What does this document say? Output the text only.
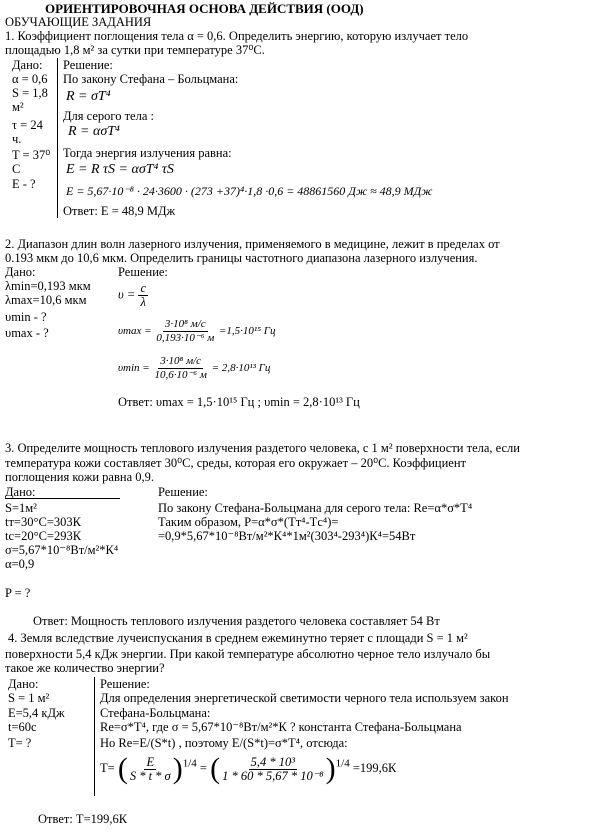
ОРИЕНТИРОВОЧНАЯ ОСНОВА ДЕЙСТВИЯ (ООД)
ОБУЧАЮЩИЕ ЗАДАНИЯ
1. Коэффициент поглощения тела α = 0,6. Определить энергию, которую излучает тело
площадью 1,8 м² за сутки при температуре 37⁰С.
Дано:
α = 0,6
S = 1,8
м²
τ = 24
ч.
T = 37⁰
С
E - ?
Решение:
По закону Стефана – Больцмана:
R = σT⁴
Для серого тела :
R = ασT⁴
Тогда энергия излучения равна:
E = R τS = ασT⁴ τS
E = 5,67·10⁻⁸ · 24·3600 · (273 +37)⁴·1,8 ·0,6 = 48861560 Дж ≈ 48,9 МДж
Ответ: E = 48,9 МДж
2. Диапазон длин волн лазерного излучения, применяемого в медицине, лежит в пределах от
0.193 мкм до 10,6 мкм. Определить границы частотного диапазона лазерного излучения.
Дано:
λmin=0,193 мкм
λmax=10,6 мкм
υmin - ?
υmax - ?
Решение:
$\upsilon = \frac{c}{\lambda}$
$\upsilon\max = \frac{\text{3·10⁸ м/с}}{\text{0,193·10⁻⁶ м}} =1,5\cdot 10^{15}$ Гц
$\upsilon\min = \frac{\text{3·10⁸ м/с}}{\text{10,6·10⁻⁶ м}} = 2,8\cdot 10^{13}$ Гц
Ответ: υmax = 1,5·10¹⁵ Гц ; υmin = 2,8·10¹³ Гц
3. Определите мощность теплового излучения раздетого человека, с 1 м² поверхности тела, если
температура кожи составляет 30⁰С, среды, которая его окружает – 20⁰С. Коэффициент
поглощения кожи равна 0,9.
Дано:
S=1м²
tт=30°C=303К
tс=20°C=293К
σ=5,67*10⁻⁸Вт/м²*К⁴
α=0,9
P = ?
Решение:
По закону Стефана-Больцмана для серого тела: Re=α*σ*T⁴
Таким образом, P=α*σ*(Tт⁴-Tс⁴)=
=0,9*5,67*10⁻⁸Вт/м²*К⁴*1м²(303⁴-293⁴)К⁴=54Вт
Ответ: Мощность теплового излучения раздетого человека составляет 54 Вт
4. Земля вследствие лучеиспускания в среднем ежеминутно теряет с площади S = 1 м²
поверхности 5,4 кДж энергии. При какой температуре абсолютно черное тело излучало бы
такое же количество энергии?
Дано:
S = 1 м²
E=5,4 кДж
t=60с
T= ?
Решение:
Для определения энергетической светимости черного тела используем закон
Стефана-Больцмана:
Re=σ*T⁴, где σ = 5,67*10⁻⁸Вт/м²*К ? константа Стефана-Больцмана
Но Re=E/(S*t) , поэтому E/(S*t)=σ*T⁴, отсюда:
T= ( $\frac{E}{S * t * \sigma} )^{1/4}$ = ( $\frac{\text{5,4 * 10³}}{\text{1 * 60 * 5,67 * 10⁻⁸}} )^{1/4} =199,6К$
Ответ: T=199,6К
